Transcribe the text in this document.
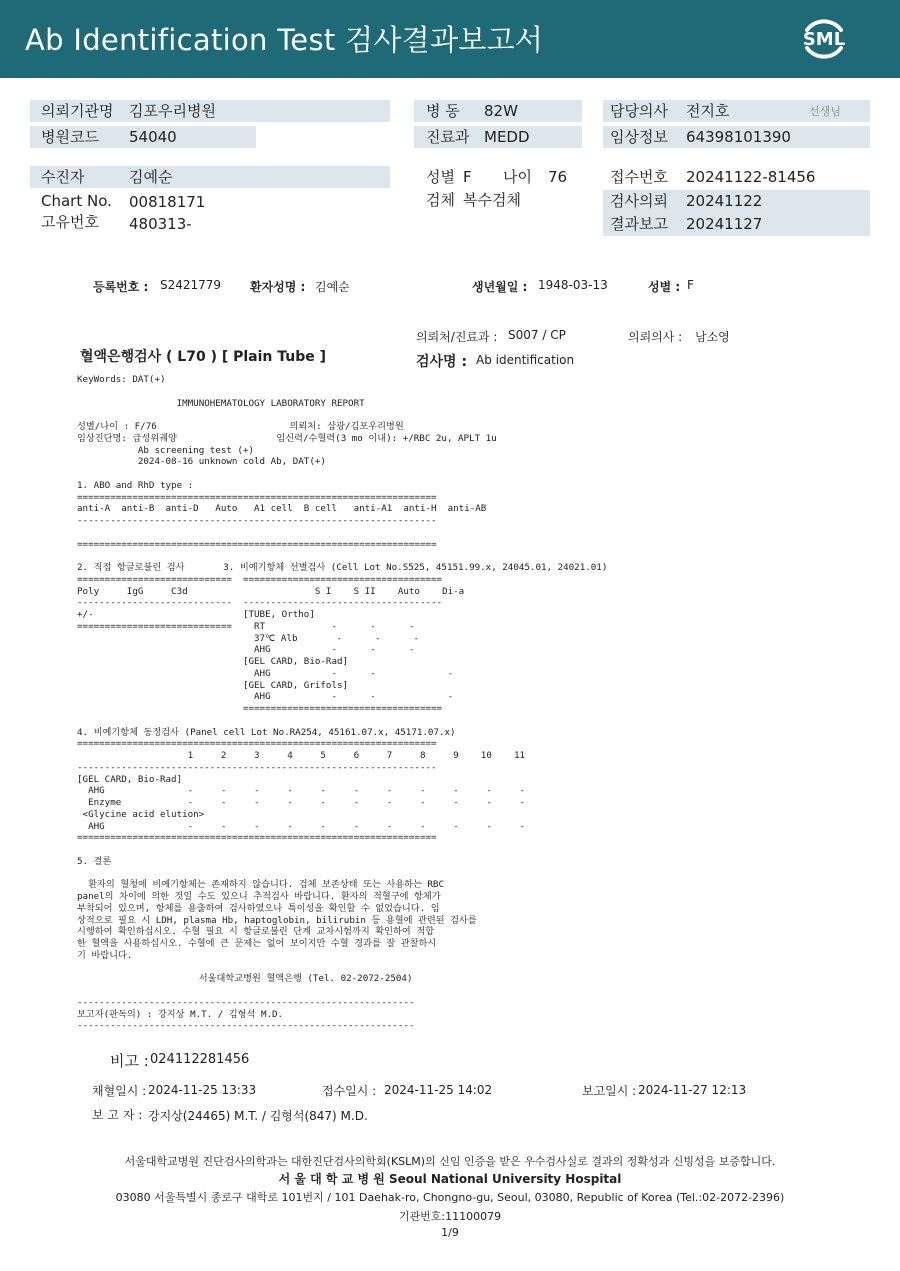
Ab Identification Test 검사결과보고서	SML
의뢰기관명 김포우리병원
병원코드 54040
병 동 82W
진료과 MEDD
담당의사 전지호	선생님
임상정보 64398101390
수진자	김예순
Chart No. 00818171
고유번호 480313-
성별 F 나이 76
검체 복수검체
접수번호 20241122-81456
검사의뢰 20241122
결과보고 20241127
등록번호 : S2421779 환자성명 : 김예순	생년월일 : 1948-03-13	성별 : F
의뢰처/진료과 : S007 / CP	의뢰의사 : 남소영
혈액은행검사 ( L70 ) [ Plain Tube ]	검사명 : Ab identification
KeyWords: DAT(+)

IMMUNOHEMATOLOGY LABORATORY REPORT

성별/나이 : F/76                        의뢰처: 삼광/김포우리병원
임상진단명: 급성위궤양                  임신력/수혈력(3 mo 이내): +/RBC 2u, APLT 1u
Ab screening test (+)
2024-08-16 unknown cold Ab, DAT(+)

1. ABO and RhD type :
=================================================================
anti-A  anti-B  anti-D   Auto   A1 cell  B cell   anti-A1  anti-H  anti-AB
-----------------------------------------------------------------

=================================================================

2. 직접 항글로불린 검사       3. 비예기항체 선별검사 (Cell Lot No.S525, 45151.99.x, 24045.01, 24021.01)
============================  ====================================
Poly     IgG     C3d                       S I    S II    Auto    Di-a
----------------------------  ------------------------------------
+/-                           [TUBE, Ortho]
============================    RT            -      -      -
37℃ Alb       -      -      -
AHG           -      -      -
[GEL CARD, Bio-Rad]
AHG           -      -             -
[GEL CARD, Grifols]
AHG           -      -             -
====================================

4. 비예기항체 동정검사 (Panel cell Lot No.RA254, 45161.07.x, 45171.07.x)
=================================================================
1     2     3     4     5     6     7     8     9    10    11
-----------------------------------------------------------------
[GEL CARD, Bio-Rad]
AHG               -     -     -     -     -     -     -     -     -     -     -
Enzyme            -     -     -     -     -     -     -     -     -     -     -
<Glycine acid elution>
AHG               -     -     -     -     -     -     -     -     -     -     -
=================================================================

5. 결론

환자의 혈청에 비예기항체는 존재하지 않습니다. 검체 보존상태 또는 사용하는 RBC
panel의 차이에 의한 것일 수도 있으니 추적검사 바랍니다. 환자의 적혈구에 항체가
부착되어 있으며, 항체를 용출하여 검사하였으나 특이성을 확인할 수 없었습니다. 임
상적으로 필요 시 LDH, plasma Hb, haptoglobin, bilirubin 등 용혈에 관련된 검사를
시행하여 확인하십시오. 수혈 필요 시 항글로불린 단계 교차시험까지 확인하여 적합
한 혈액을 사용하십시오. 수혈에 큰 문제는 없어 보이지만 수혈 경과를 잘 관찰하시
기 바랍니다.

서울대학교병원 혈액은행 (Tel. 02-2072-2504)

-------------------------------------------------------------
보고자(판독의) : 강지상 M.T. / 김형석 M.D.
-------------------------------------------------------------
비고 : 024112281456
채혈일시 : 2024-11-25 13:33	접수일시 : 2024-11-25 14:02	보고일시 : 2024-11-27 12:13
보 고 자 : 강지상(24465) M.T. / 김형석(847) M.D.
서울대학교병원 진단검사의학과는 대한진단검사의학회(KSLM)의 신임 인증을 받은 우수검사실로 결과의 정확성과 신빙성을 보증합니다.
서 울 대 학 교 병 원 Seoul National University Hospital
03080 서울특별시 종로구 대학로 101번지 / 101 Daehak-ro, Chongno-gu, Seoul, 03080, Republic of Korea (Tel.:02-2072-2396)
기관번호:11100079
1/9
